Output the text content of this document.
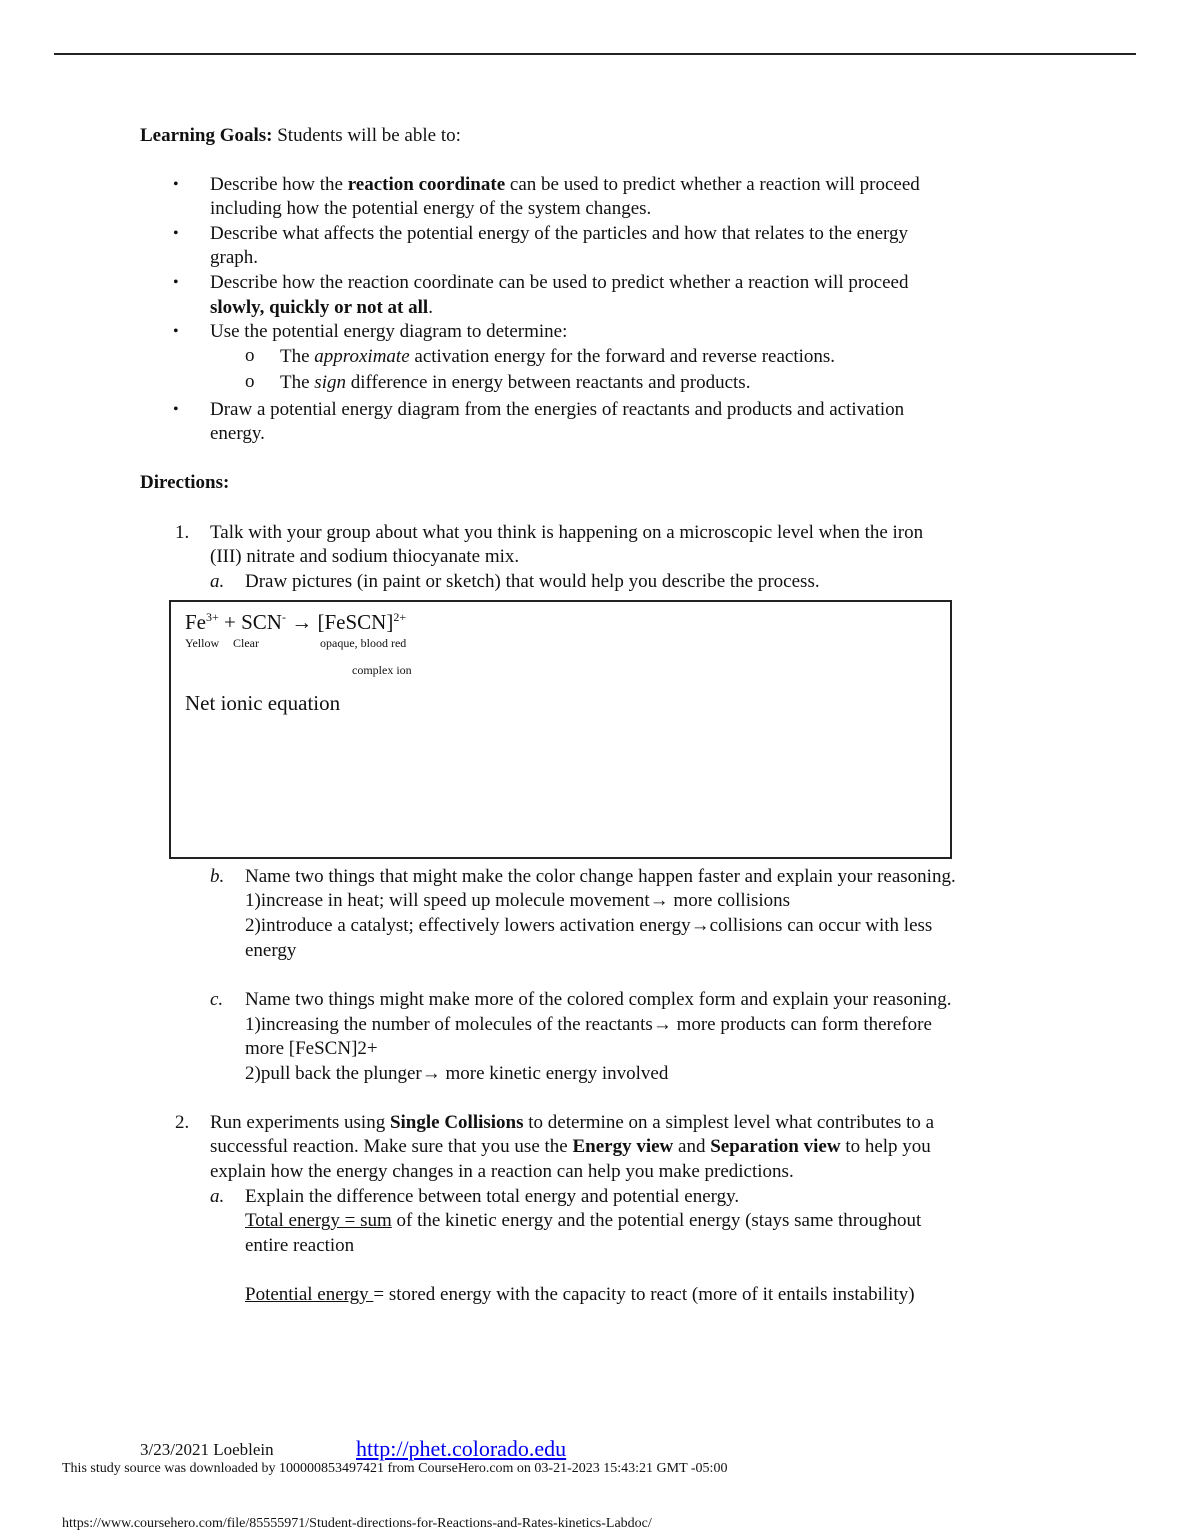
Learning Goals: Students will be able to:
• Describe how the reaction coordinate can be used to predict whether a reaction will proceed
including how the potential energy of the system changes.
• Describe what affects the potential energy of the particles and how that relates to the energy
graph.
• Describe how the reaction coordinate can be used to predict whether a reaction will proceed
slowly, quickly or not at all.
• Use the potential energy diagram to determine:
o The approximate activation energy for the forward and reverse reactions.
o The sign difference in energy between reactants and products.
• Draw a potential energy diagram from the energies of reactants and products and activation
energy.
Directions:
1. Talk with your group about what you think is happening on a microscopic level when the iron
(III) nitrate and sodium thiocyanate mix.
a. Draw pictures (in paint or sketch) that would help you describe the process.
$Fe^{3+} + SCN^-$ → [FeSCN]$^{2+}$
Yellow Clear	opaque, blood red
complex ion
Net ionic equation
b. Name two things that might make the color change happen faster and explain your reasoning.
1)increase in heat; will speed up molecule movement→ more collisions
2)introduce a catalyst; effectively lowers activation energy→collisions can occur with less
energy
c. Name two things might make more of the colored complex form and explain your reasoning.
1)increasing the number of molecules of the reactants→ more products can form therefore
more [FeSCN]2+
2)pull back the plunger→ more kinetic energy involved
2. Run experiments using Single Collisions to determine on a simplest level what contributes to a
successful reaction. Make sure that you use the Energy view and Separation view to help you
explain how the energy changes in a reaction can help you make predictions.
a. Explain the difference between total energy and potential energy.
Total energy = sum of the kinetic energy and the potential energy (stays same throughout
entire reaction
Potential energy = stored energy with the capacity to react (more of it entails instability)
3/23/2021 Loeblein	http://phet.colorado.edu
This study source was downloaded by 100000853497421 from CourseHero.com on 03-21-2023 15:43:21 GMT -05:00
https://www.coursehero.com/file/85555971/Student-directions-for-Reactions-and-Rates-kinetics-Labdoc/
